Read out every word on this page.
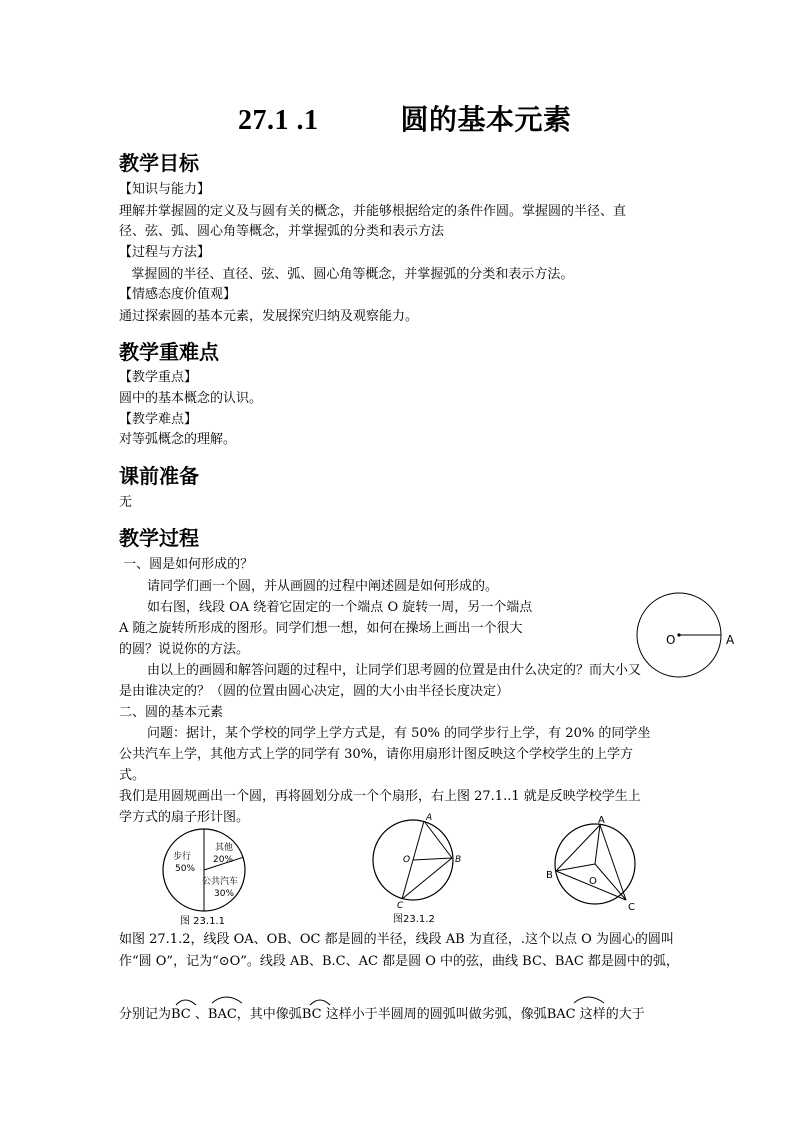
27.1 .1	圆的基本元素
教学目标
【知识与能力】
理解并掌握圆的定义及与圆有关的概念，并能够根据给定的条件作圆。掌握圆的半径、直
径、弦、弧、圆心角等概念，并掌握弧的分类和表示方法
【过程与方法】
掌握圆的半径、直径、弦、弧、圆心角等概念，并掌握弧的分类和表示方法。
【情感态度价值观】
通过探索圆的基本元素，发展探究归纳及观察能力。
教学重难点
【教学重点】
圆中的基本概念的认识。
【教学难点】
对等弧概念的理解。
课前准备
无
教学过程
一、圆是如何形成的？
请同学们画一个圆，并从画圆的过程中阐述圆是如何形成的。
如右图，线段 OA 绕着它固定的一个端点 O 旋转一周，另一个端点
A 随之旋转所形成的图形。同学们想一想，如何在操场上画出一个很大
的圆？说说你的方法。
由以上的画圆和解答问题的过程中，让同学们思考圆的位置是由什么决定的？而大小又
是由谁决定的？（圆的位置由圆心决定，圆的大小由半径长度决定）
二、圆的基本元素
问题：据计，某个学校的同学上学方式是，有 50% 的同学步行上学，有 20% 的同学坐
公共汽车上学，其他方式上学的同学有 30%，请你用扇形计图反映这个学校学生的上学方
式。
我们是用圆规画出一个圆，再将圆划分成一个个扇形，右上图 27.1..1 就是反映学校学生上
学方式的扇子形计图。
如图 27.1.2，线段 OA、OB、OC 都是圆的半径，线段 AB 为直径，.这个以点 O 为圆心的圆叫
作“圆 O”，记为“⊙O”。线段 AB、B.C、AC 都是圆 O 中的弦，曲线 BC、BAC 都是圆中的弧，
分别记为BC 、BAC，其中像弧BC 这样小于半圆周的圆弧叫做劣弧，像弧BAC 这样的大于
O	A
步行
50%
其他
20%
公共汽车
30%
图 23.1.1
A
B
C
O
图23.1.2
A
B
C
O
